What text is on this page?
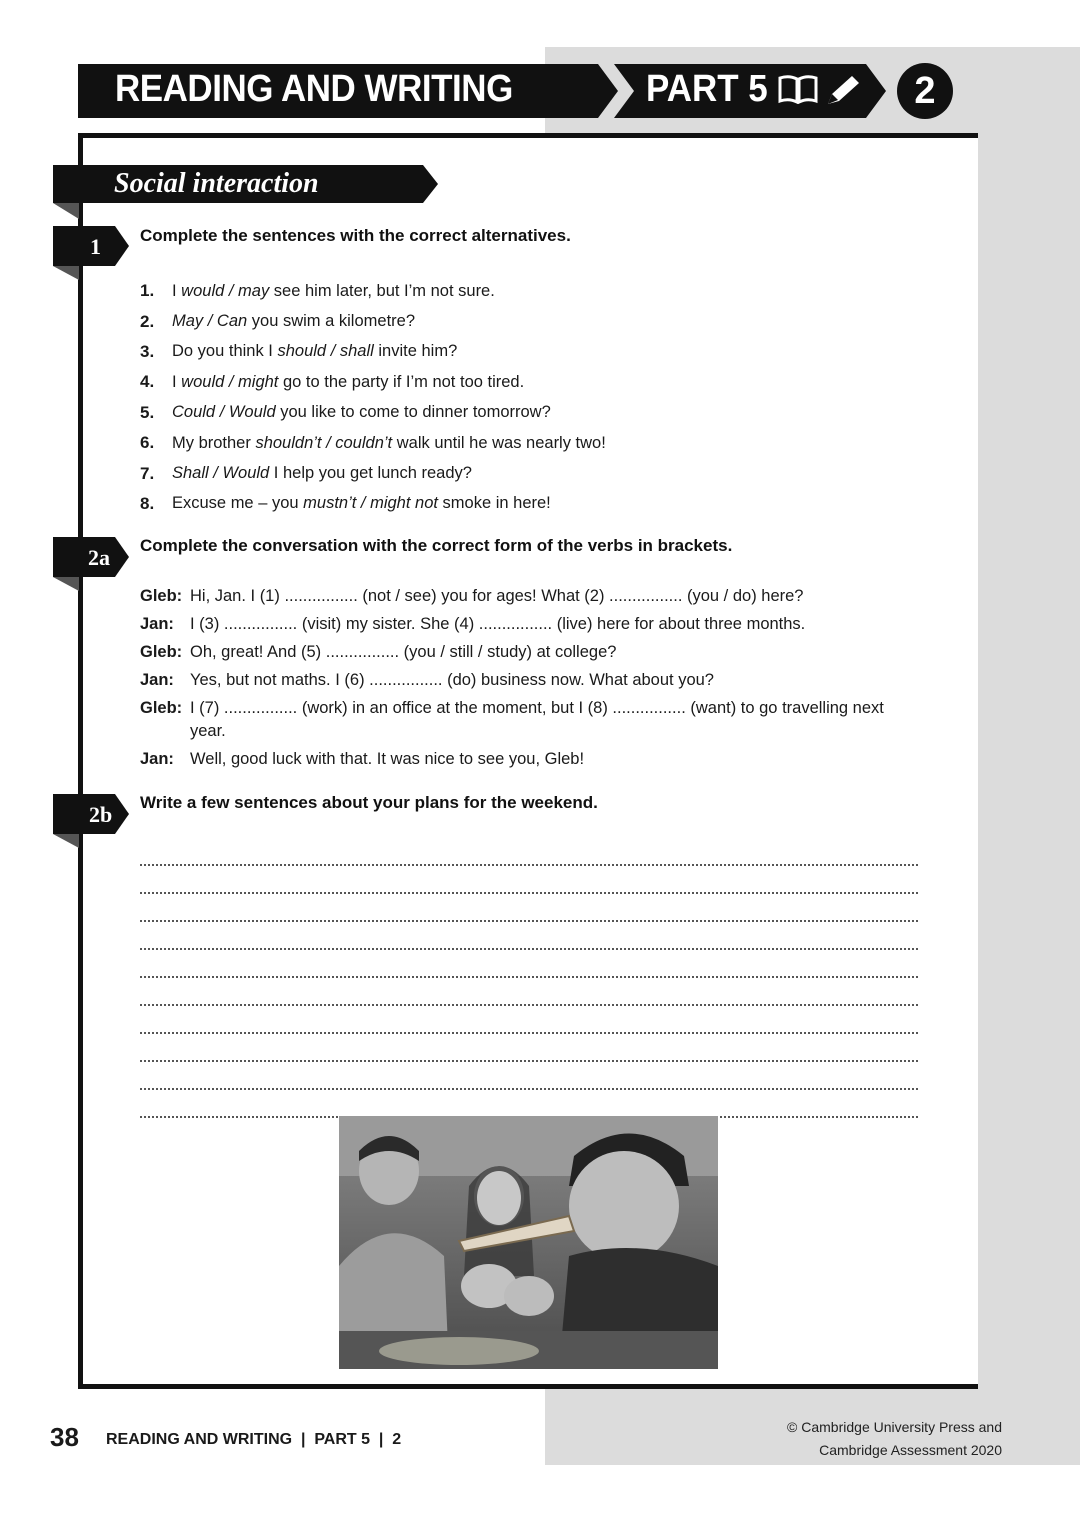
READING AND WRITING	PART 5	2
Social interaction
1 Complete the sentences with the correct alternatives.
1.	I would / may see him later, but I’m not sure.
2.	May / Can you swim a kilometre?
3.	Do you think I should / shall invite him?
4.	I would / might go to the party if I’m not too tired.
5.	Could / Would you like to come to dinner tomorrow?
6.	My brother shouldn’t / couldn’t walk until he was nearly two!
7.	Shall / Would I help you get lunch ready?
8.	Excuse me – you mustn’t / might not smoke in here!
2a Complete the conversation with the correct form of the verbs in brackets.
Gleb: Hi, Jan. I (1) ................ (not / see) you for ages! What (2) ................ (you / do) here?
Jan: I (3) ................ (visit) my sister. She (4) ................ (live) here for about three months.
Gleb: Oh, great! And (5) ................ (you / still / study) at college?
Jan: Yes, but not maths. I (6) ................ (do) business now. What about you?
Gleb: I (7) ................ (work) in an office at the moment, but I (8) ................ (want) to go travelling next year.
Jan: Well, good luck with that. It was nice to see you, Gleb!
2b Write a few sentences about your plans for the weekend.
38 READING AND WRITING  |  PART 5  |  2
© Cambridge University Press and
Cambridge Assessment 2020
